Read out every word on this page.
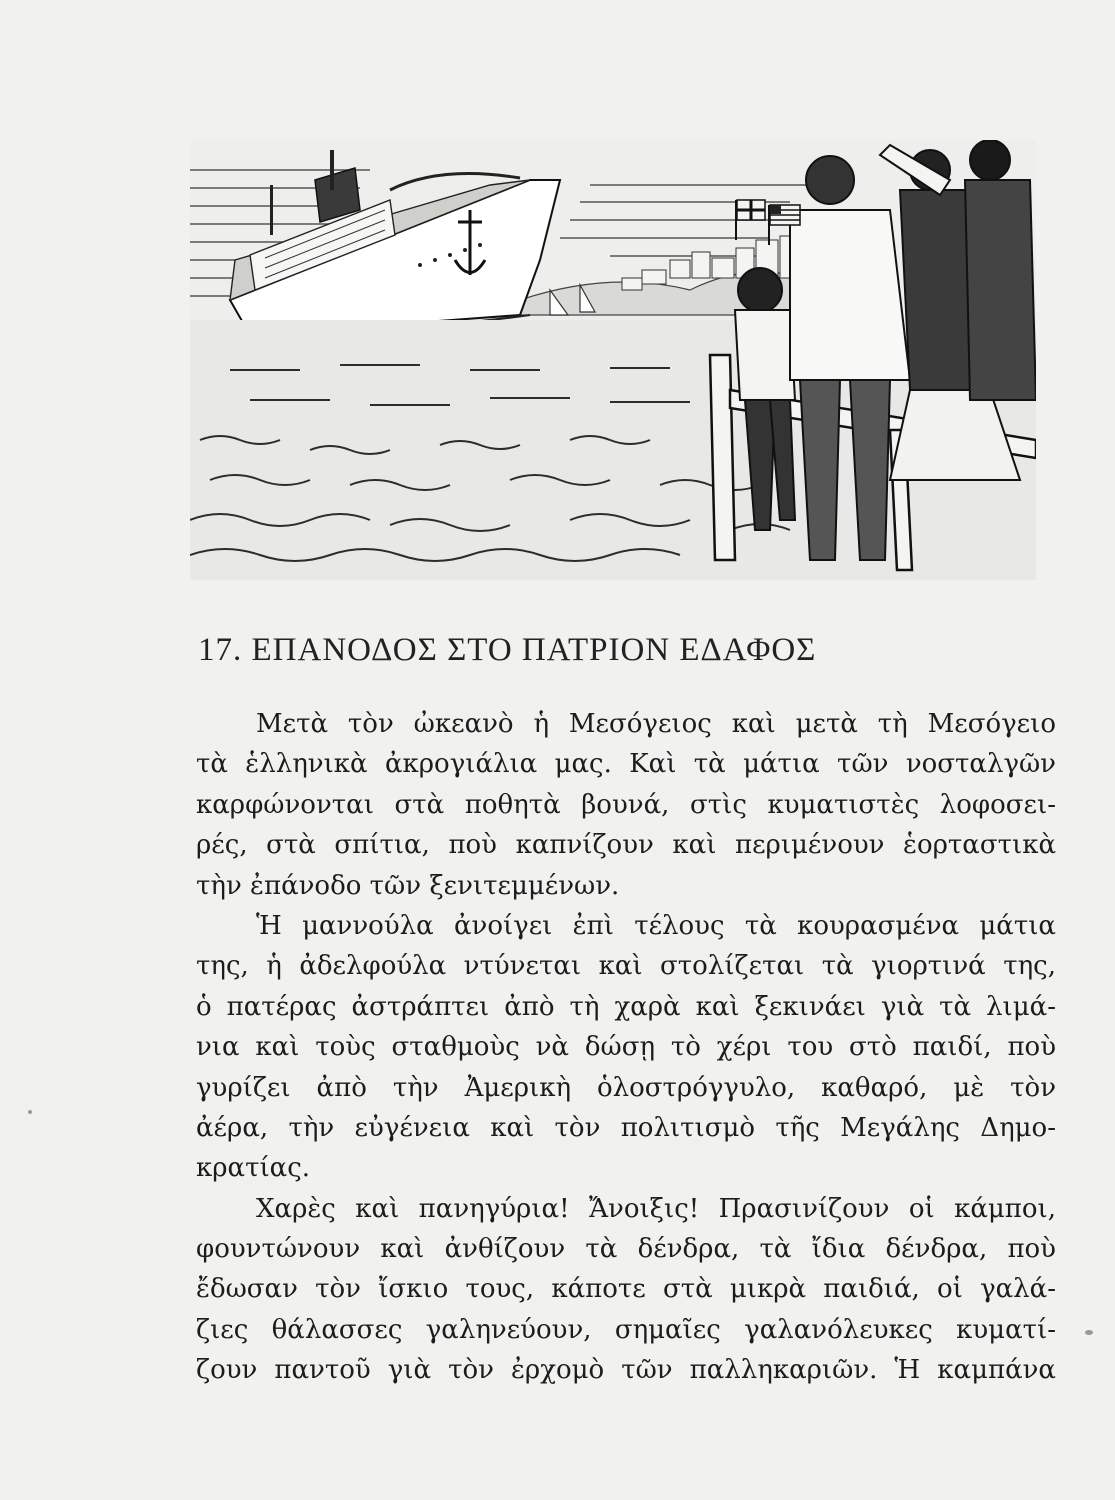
17. ΕΠΑΝΟΔΟΣ ΣΤΟ ΠΑΤΡΙΟΝ ΕΔΑΦΟΣ
Μετὰ τὸν ὠκεανὸ ἡ Μεσόγειος καὶ μετὰ τὴ Μεσόγειο
τὰ ἑλληνικὰ ἀκρογιάλια μας. Καὶ τὰ μάτια τῶν νοσταλγῶν
καρφώνονται στὰ ποθητὰ βουνά, στὶς κυματιστὲς λοφοσει-
ρές, στὰ σπίτια, ποὺ καπνίζουν καὶ περιμένουν ἑορταστικὰ
τὴν ἐπάνοδο τῶν ξενιτεμμένων.
Ἡ μαννούλα ἀνοίγει ἐπὶ τέλους τὰ κουρασμένα μάτια
της, ἡ ἀδελφούλα ντύνεται καὶ στολίζεται τὰ γιορτινά της,
ὁ πατέρας ἀστράπτει ἀπὸ τὴ χαρὰ καὶ ξεκινάει γιὰ τὰ λιμά-
νια καὶ τοὺς σταθμοὺς νὰ δώσῃ τὸ χέρι του στὸ παιδί, ποὺ
γυρίζει ἀπὸ τὴν Ἀμερικὴ ὁλοστρόγγυλο, καθαρό, μὲ τὸν
ἀέρα, τὴν εὐγένεια καὶ τὸν πολιτισμὸ τῆς Μεγάλης Δημο-
κρατίας.
Χαρὲς καὶ πανηγύρια! Ἄνοιξις! Πρασινίζουν οἱ κάμποι,
φουντώνουν καὶ ἀνθίζουν τὰ δένδρα, τὰ ἴδια δένδρα, ποὺ
ἔδωσαν τὸν ἴσκιο τους, κάποτε στὰ μικρὰ παιδιά, οἱ γαλά-
ζιες θάλασσες γαληνεύουν, σημαῖες γαλανόλευκες κυματί-
ζουν παντοῦ γιὰ τὸν ἐρχομὸ τῶν παλληκαριῶν. Ἡ καμπάνα
